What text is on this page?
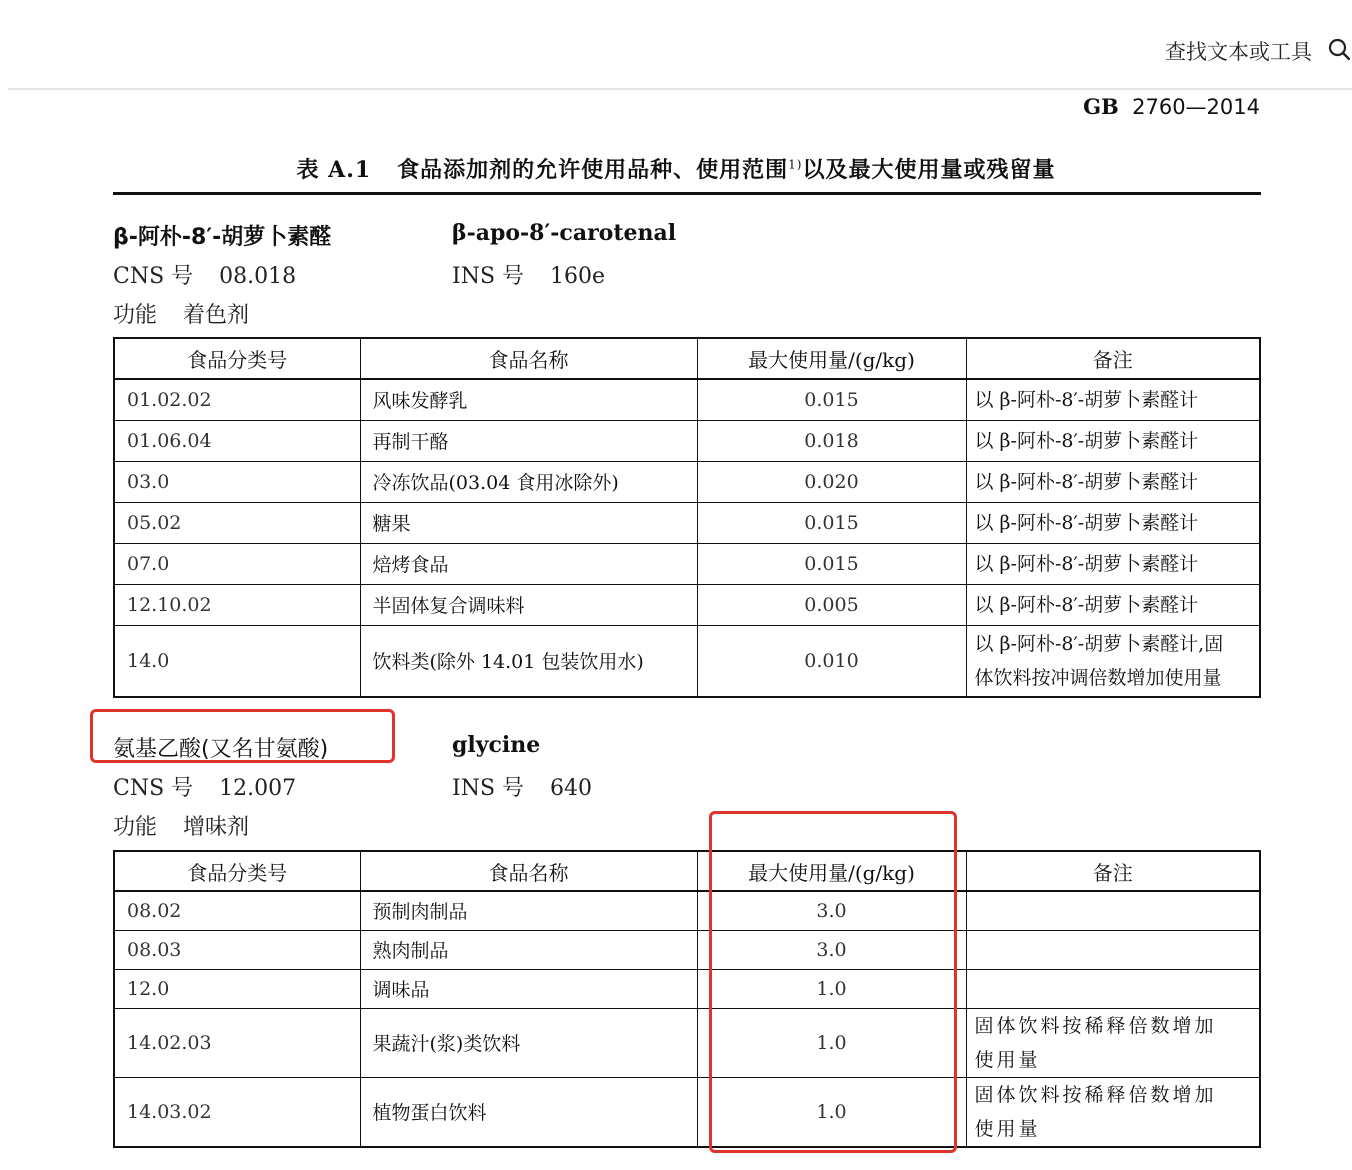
查找文本或工具
GB 2760—2014
表 A.1 食品添加剂的允许使用品种、使用范围$^{1)}$以及最大使用量或残留量
β-阿朴-8′-胡萝卜素醛	β-apo-8′-carotenal
CNS 号 08.018	INS 号 160e
功能 着色剂
食品分类号	食品名称	最大使用量/(g/kg)	备注
01.02.02	风味发酵乳	0.015	以 β-阿朴-8′-胡萝卜素醛计
01.06.04	再制干酪	0.018	以 β-阿朴-8′-胡萝卜素醛计
03.0	冷冻饮品(03.04 食用冰除外)	0.020	以 β-阿朴-8′-胡萝卜素醛计
05.02	糖果	0.015	以 β-阿朴-8′-胡萝卜素醛计
07.0	焙烤食品	0.015	以 β-阿朴-8′-胡萝卜素醛计
12.10.02	半固体复合调味料	0.005	以 β-阿朴-8′-胡萝卜素醛计
14.0	饮料类(除外 14.01 包装饮用水)	0.010	以 β-阿朴-8′-胡萝卜素醛计,固
体饮料按冲调倍数增加使用量
氨基乙酸(又名甘氨酸)	glycine
CNS 号 12.007	INS 号 640
功能 增味剂
食品分类号	食品名称	最大使用量/(g/kg)	备注
08.02	预制肉制品	3.0	
08.03	熟肉制品	3.0	
12.0	调味品	1.0	
14.02.03	果蔬汁(浆)类饮料	1.0	固体饮料按稀释倍数增加
使用量

14.03.02	植物蛋白饮料	1.0	固体饮料按稀释倍数增加
使用量
